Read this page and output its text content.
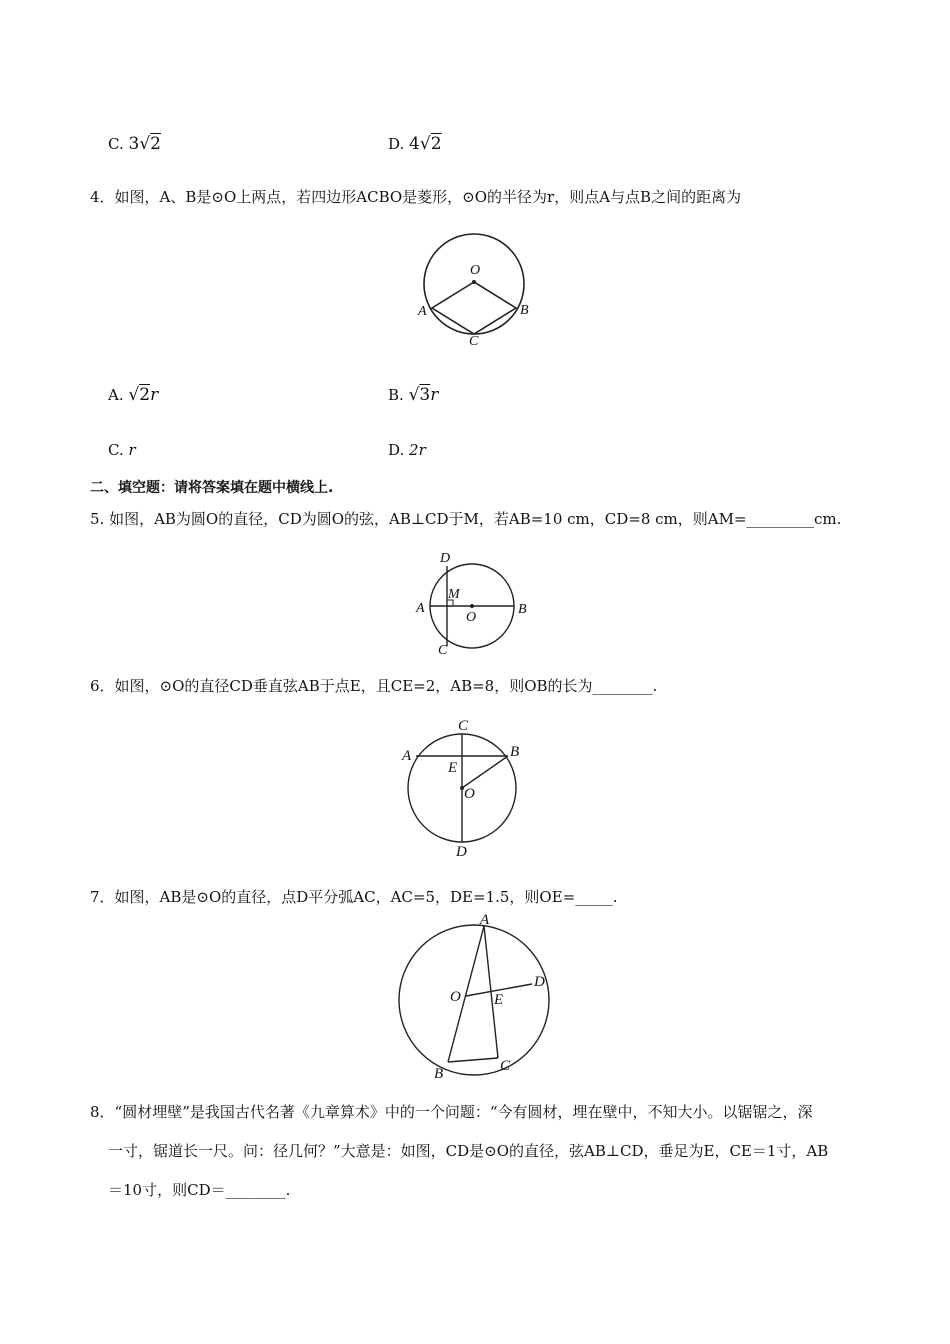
C. 3√2	D. 4√2
4．如图，A、B是⊙O上两点，若四边形ACBO是菱形，⊙O的半径为r，则点A与点B之间的距离为
O
A	B
C
A. √2r	B. √3r
C. r	D. 2r
二、填空题：请将答案填在题中横线上.
5. 如图，AB为圆O的直径，CD为圆O的弦，AB⊥CD于M，若AB=10 cm，CD=8 cm，则AM=_________cm.
D
M
A
O
B
C
6．如图，⊙O的直径CD垂直弦AB于点E，且CE=2，AB=8，则OB的长为________.
C
A	B
E
O
D
7．如图，AB是⊙O的直径，点D平分弧AC，AC=5，DE=1.5，则OE=_____.
A
O
D
E
B	C
8．“圆材埋壁”是我国古代名著《九章算术》中的一个问题：“今有圆材，埋在壁中，不知大小。以锯锯之，深
一寸，锯道长一尺。问：径几何？”大意是：如图，CD是⊙O的直径，弦AB⊥CD，垂足为E，CE＝1寸，AB
＝10寸，则CD＝________.
